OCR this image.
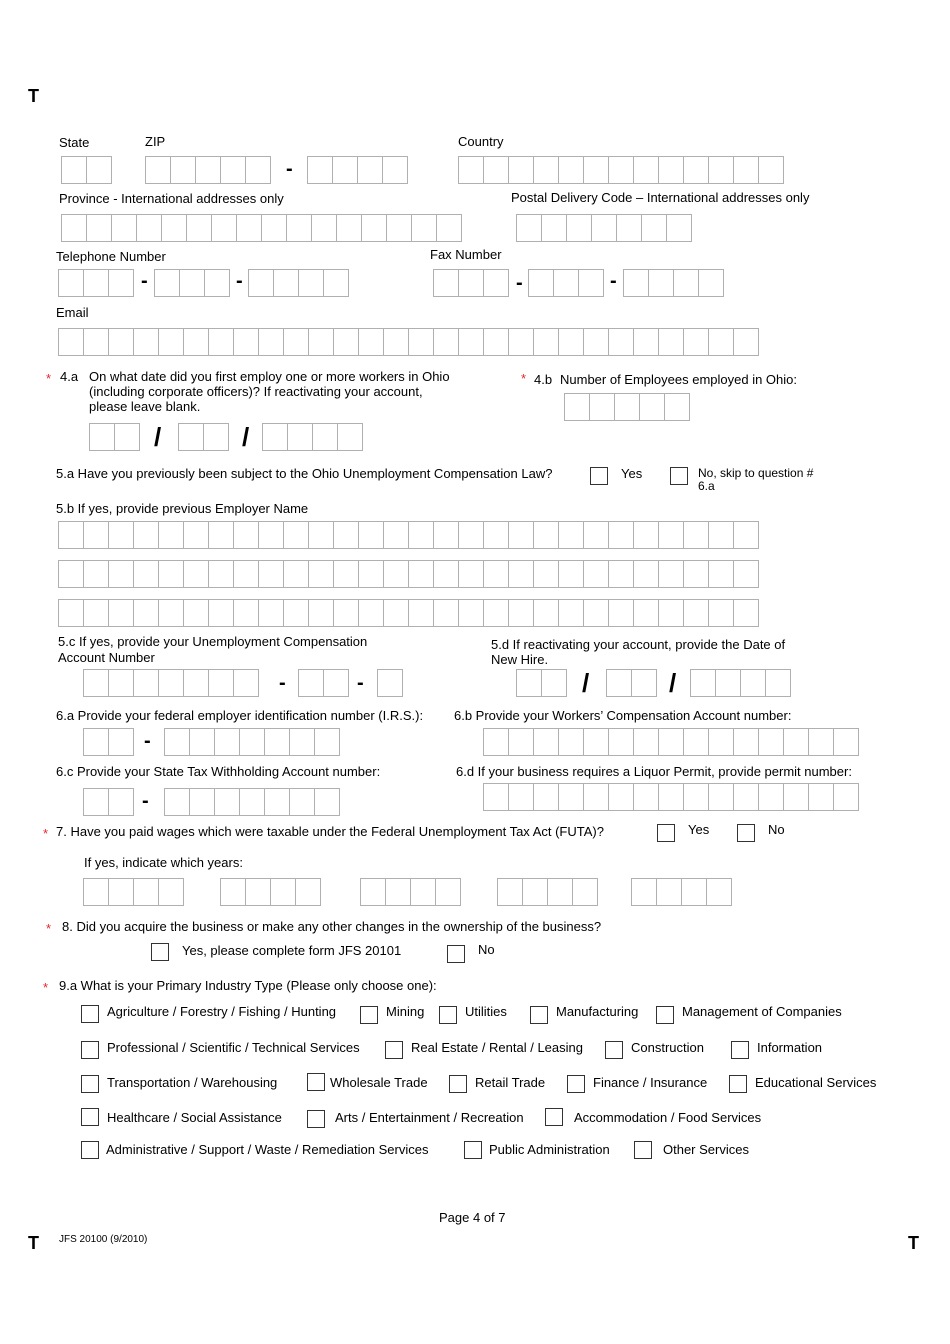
T
State	ZIP	Country
-
Province - International addresses only	Postal Delivery Code – International addresses only
Telephone Number	Fax Number
-	-	-	-
Email
* 4.a On what date did you first employ one or more workers in Ohio (including corporate officers)? If reactivating your account, please leave blank.
/	/
* 4.b Number of Employees employed in Ohio:
5.a Have you previously been subject to the Ohio Unemployment Compensation Law?	Yes	No, skip to question # 6.a
5.b If yes, provide previous Employer Name
5.c If yes, provide your Unemployment Compensation Account Number
-	-
5.d If reactivating your account, provide the Date of New Hire.
/	/
6.a Provide your federal employer identification number (I.R.S.):
-
6.b Provide your Workers’ Compensation Account number:
6.c Provide your State Tax Withholding Account number:
-
6.d If your business requires a Liquor Permit, provide permit number:
* 7. Have you paid wages which were taxable under the Federal Unemployment Tax Act (FUTA)?	Yes	No
If yes, indicate which years:
* 8. Did you acquire the business or make any other changes in the ownership of the business?
Yes, please complete form JFS 20101	No
* 9.a What is your Primary Industry Type (Please only choose one):
Agriculture / Forestry / Fishing / Hunting	Mining	Utilities	Manufacturing	Management of Companies
Professional / Scientific / Technical Services	Real Estate / Rental / Leasing	Construction	Information
Transportation / Warehousing	Wholesale Trade	Retail Trade	Finance / Insurance	Educational Services
Healthcare / Social Assistance	Arts / Entertainment / Recreation	Accommodation / Food Services
Administrative / Support / Waste / Remediation Services	Public Administration	Other Services
Page 4 of 7
T JFS 20100 (9/2010)	T
